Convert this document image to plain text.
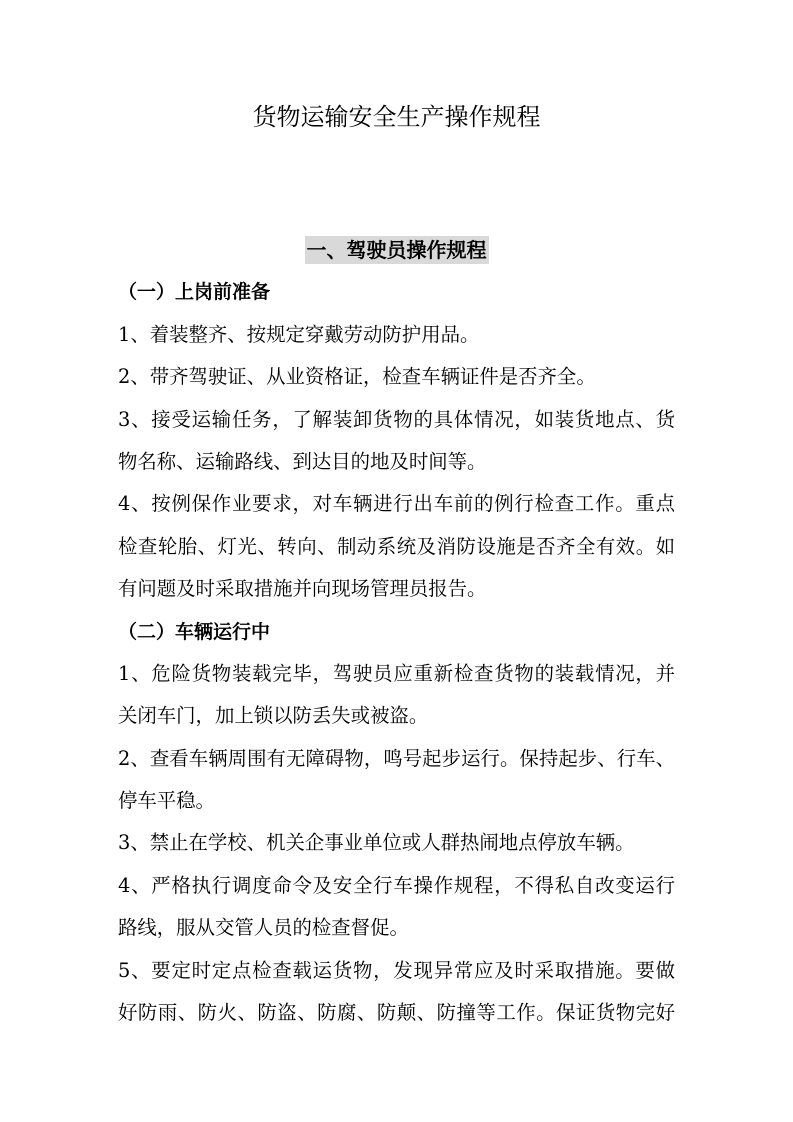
货物运输安全生产操作规程
一、驾驶员操作规程
（一）上岗前准备
1、着装整齐、按规定穿戴劳动防护用品。
2、带齐驾驶证、从业资格证，检查车辆证件是否齐全。
3、接受运输任务，了解装卸货物的具体情况，如装货地点、货
物名称、运输路线、到达目的地及时间等。
4、按例保作业要求，对车辆进行出车前的例行检查工作。重点
检查轮胎、灯光、转向、制动系统及消防设施是否齐全有效。如
有问题及时采取措施并向现场管理员报告。
（二）车辆运行中
1、危险货物装载完毕，驾驶员应重新检查货物的装载情况，并
关闭车门，加上锁以防丢失或被盗。
2、查看车辆周围有无障碍物，鸣号起步运行。保持起步、行车、
停车平稳。
3、禁止在学校、机关企事业单位或人群热闹地点停放车辆。
4、严格执行调度命令及安全行车操作规程，不得私自改变运行
路线，服从交管人员的检查督促。
5、要定时定点检查载运货物，发现异常应及时采取措施。要做
好防雨、防火、防盗、防腐、防颠、防撞等工作。保证货物完好
